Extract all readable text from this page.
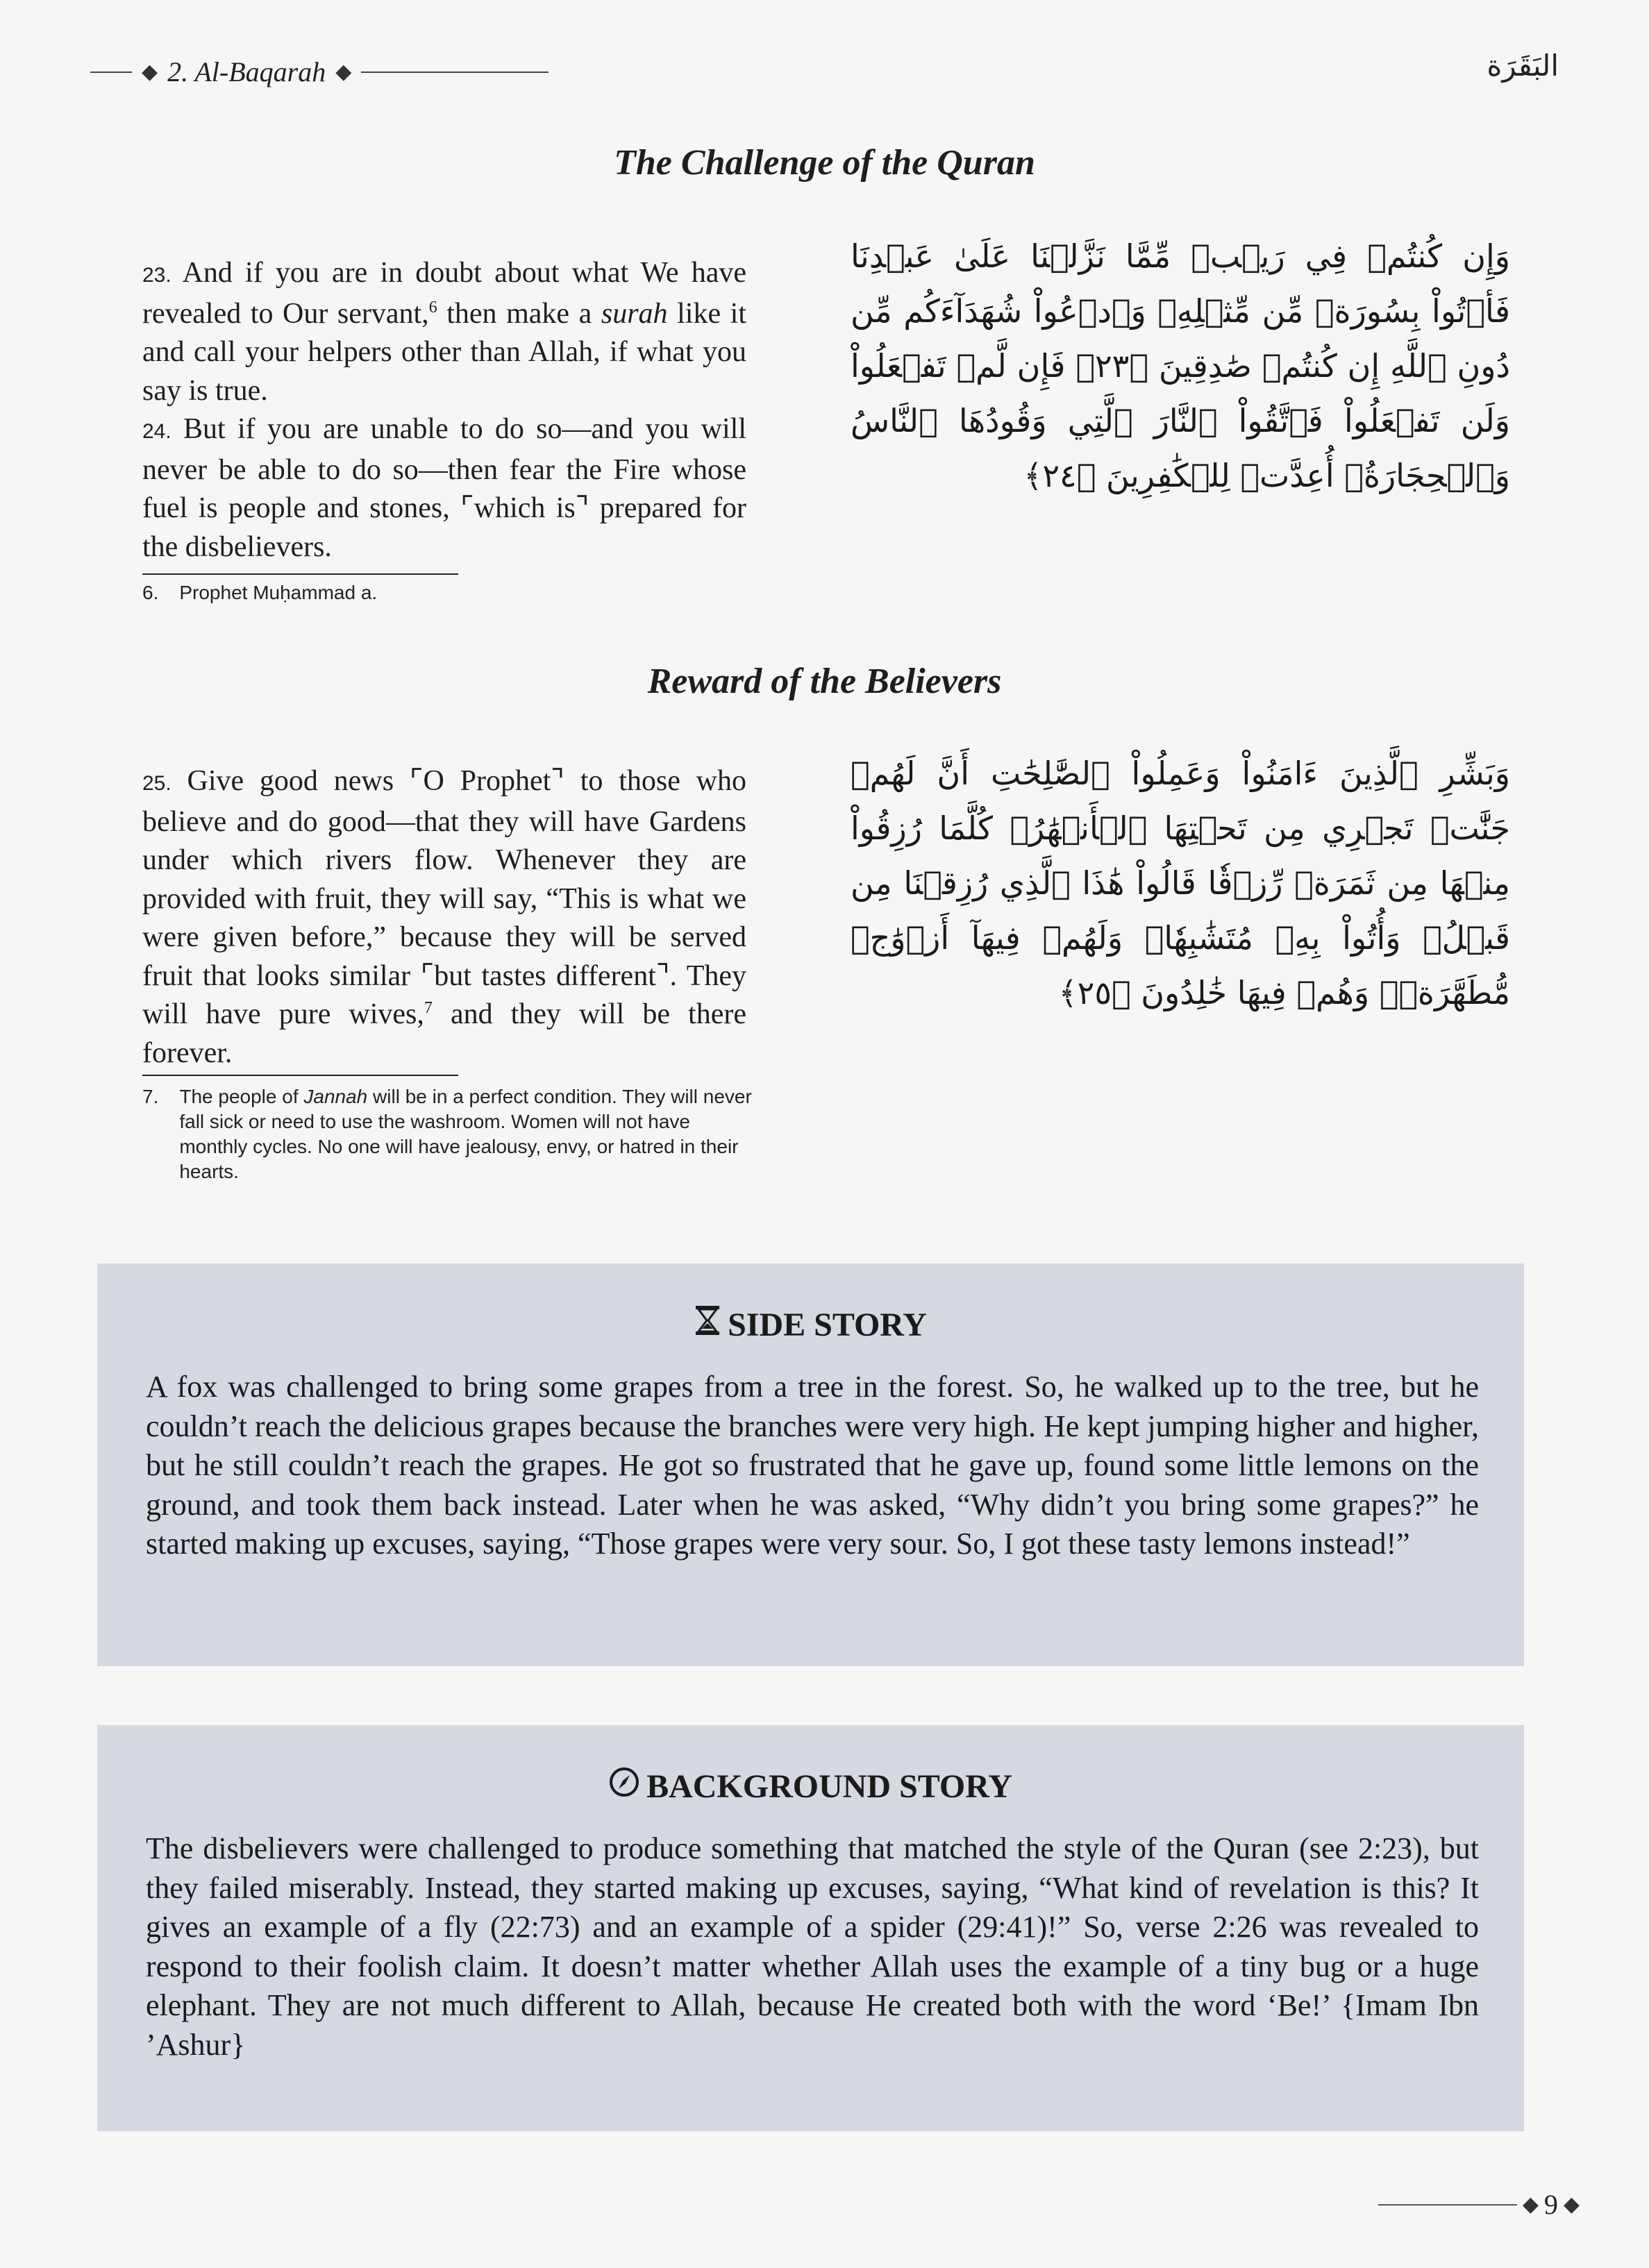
◆ 2. Al-Baqarah ◆	البَقَرَة
The Challenge of the Quran
23. And if you are in doubt about what We have revealed to Our servant,$^6$ then make a surah like it and call your helpers other than Allah, if what you say is true.
24. But if you are unable to do so—and you will never be able to do so—then fear the Fire whose fuel is people and stones, ⌜which is⌝ prepared for the disbelievers.
6. Prophet Muḥammad a.
وَإِن كُنتُمۡ فِي رَيۡبٖ مِّمَّا نَزَّلۡنَا عَلَىٰ عَبۡدِنَا فَأۡتُواْ بِسُورَةٖ مِّن مِّثۡلِهِۦ وَٱدۡعُواْ شُهَدَآءَكُم مِّن دُونِ ٱللَّهِ إِن كُنتُمۡ صَٰدِقِينَ ﴿٢٣﴾ فَإِن لَّمۡ تَفۡعَلُواْ وَلَن تَفۡعَلُواْ فَٱتَّقُواْ ٱلنَّارَ ٱلَّتِي وَقُودُهَا ٱلنَّاسُ وَٱلۡحِجَارَةُۖ أُعِدَّتۡ لِلۡكَٰفِرِينَ ﴿٢٤﴾
Reward of the Believers
25. Give good news ⌜O Prophet⌝ to those who believe and do good—that they will have Gardens under which rivers flow. Whenever they are provided with fruit, they will say, “This is what we were given before,” because they will be served fruit that looks similar ⌜but tastes different⌝. They will have pure wives,$^7$ and they will be there forever.
7. The people of Jannah will be in a perfect condition. They will never fall sick or need to use the washroom. Women will not have monthly cycles. No one will have jealousy, envy, or hatred in their hearts.
وَبَشِّرِ ٱلَّذِينَ ءَامَنُواْ وَعَمِلُواْ ٱلصَّٰلِحَٰتِ أَنَّ لَهُمۡ جَنَّٰتٖ تَجۡرِي مِن تَحۡتِهَا ٱلۡأَنۡهَٰرُۖ كُلَّمَا رُزِقُواْ مِنۡهَا مِن ثَمَرَةٖ رِّزۡقٗا قَالُواْ هَٰذَا ٱلَّذِي رُزِقۡنَا مِن قَبۡلُۖ وَأُتُواْ بِهِۦ مُتَشَٰبِهٗاۖ وَلَهُمۡ فِيهَآ أَزۡوَٰجٞ مُّطَهَّرَةٞۖ وَهُمۡ فِيهَا خَٰلِدُونَ ﴿٢٥﴾
SIDE STORY
A fox was challenged to bring some grapes from a tree in the forest. So, he walked up to the tree, but he couldn’t reach the delicious grapes because the branches were very high. He kept jumping higher and higher, but he still couldn’t reach the grapes. He got so frustrated that he gave up, found some little lemons on the ground, and took them back instead. Later when he was asked, “Why didn’t you bring some grapes?” he started making up excuses, saying, “Those grapes were very sour. So, I got these tasty lemons instead!”
BACKGROUND STORY
The disbelievers were challenged to produce something that matched the style of the Quran (see 2:23), but they failed miserably. Instead, they started making up excuses, saying, “What kind of revelation is this? It gives an example of a fly (22:73) and an example of a spider (29:41)!” So, verse 2:26 was revealed to respond to their foolish claim. It doesn’t matter whether Allah uses the example of a tiny bug or a huge elephant. They are not much different to Allah, because He created both with the word ‘Be!’ {Imam Ibn ’Ashur}
◆ 9 ◆
